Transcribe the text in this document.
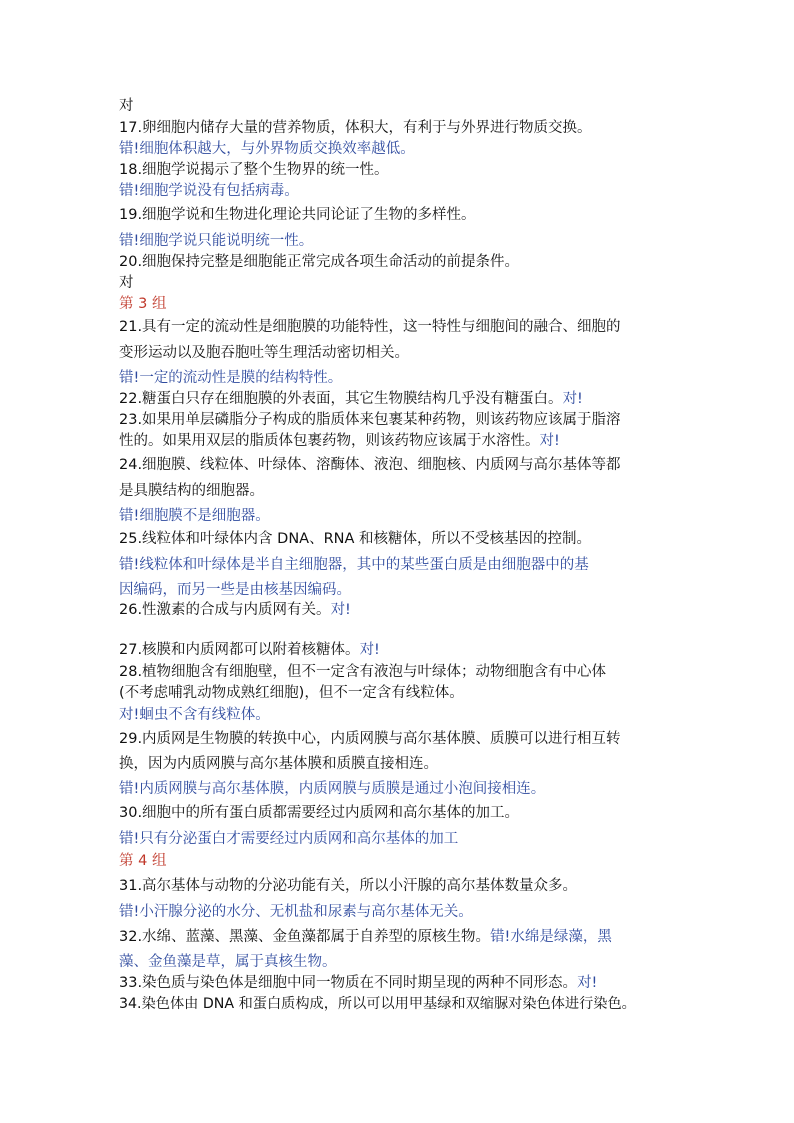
对
17.卵细胞内储存大量的营养物质，体积大，有利于与外界进行物质交换。
错!细胞体积越大，与外界物质交换效率越低。
18.细胞学说揭示了整个生物界的统一性。
错!细胞学说没有包括病毒。
19.细胞学说和生物进化理论共同论证了生物的多样性。
错!细胞学说只能说明统一性。
20.细胞保持完整是细胞能正常完成各项生命活动的前提条件。
对
第 3 组
21.具有一定的流动性是细胞膜的功能特性，这一特性与细胞间的融合、细胞的
变形运动以及胞吞胞吐等生理活动密切相关。
错!一定的流动性是膜的结构特性。
22.糖蛋白只存在细胞膜的外表面，其它生物膜结构几乎没有糖蛋白。对!
23.如果用单层磷脂分子构成的脂质体来包裹某种药物，则该药物应该属于脂溶
性的。如果用双层的脂质体包裹药物，则该药物应该属于水溶性。对!
24.细胞膜、线粒体、叶绿体、溶酶体、液泡、细胞核、内质网与高尔基体等都
是具膜结构的细胞器。
错!细胞膜不是细胞器。
25.线粒体和叶绿体内含 DNA、RNA 和核糖体，所以不受核基因的控制。
错!线粒体和叶绿体是半自主细胞器，其中的某些蛋白质是由细胞器中的基
因编码，而另一些是由核基因编码。
26.性激素的合成与内质网有关。对!
27.核膜和内质网都可以附着核糖体。对!
28.植物细胞含有细胞壁，但不一定含有液泡与叶绿体；动物细胞含有中心体
(不考虑哺乳动物成熟红细胞)，但不一定含有线粒体。
对!蛔虫不含有线粒体。
29.内质网是生物膜的转换中心，内质网膜与高尔基体膜、质膜可以进行相互转
换，因为内质网膜与高尔基体膜和质膜直接相连。
错!内质网膜与高尔基体膜，内质网膜与质膜是通过小泡间接相连。
30.细胞中的所有蛋白质都需要经过内质网和高尔基体的加工。
错!只有分泌蛋白才需要经过内质网和高尔基体的加工
第 4 组
31.高尔基体与动物的分泌功能有关，所以小汗腺的高尔基体数量众多。
错!小汗腺分泌的水分、无机盐和尿素与高尔基体无关。
32.水绵、蓝藻、黑藻、金鱼藻都属于自养型的原核生物。错!水绵是绿藻，黑
藻、金鱼藻是草，属于真核生物。
33.染色质与染色体是细胞中同一物质在不同时期呈现的两种不同形态。对!
34.染色体由 DNA 和蛋白质构成，所以可以用甲基绿和双缩脲对染色体进行染色。
